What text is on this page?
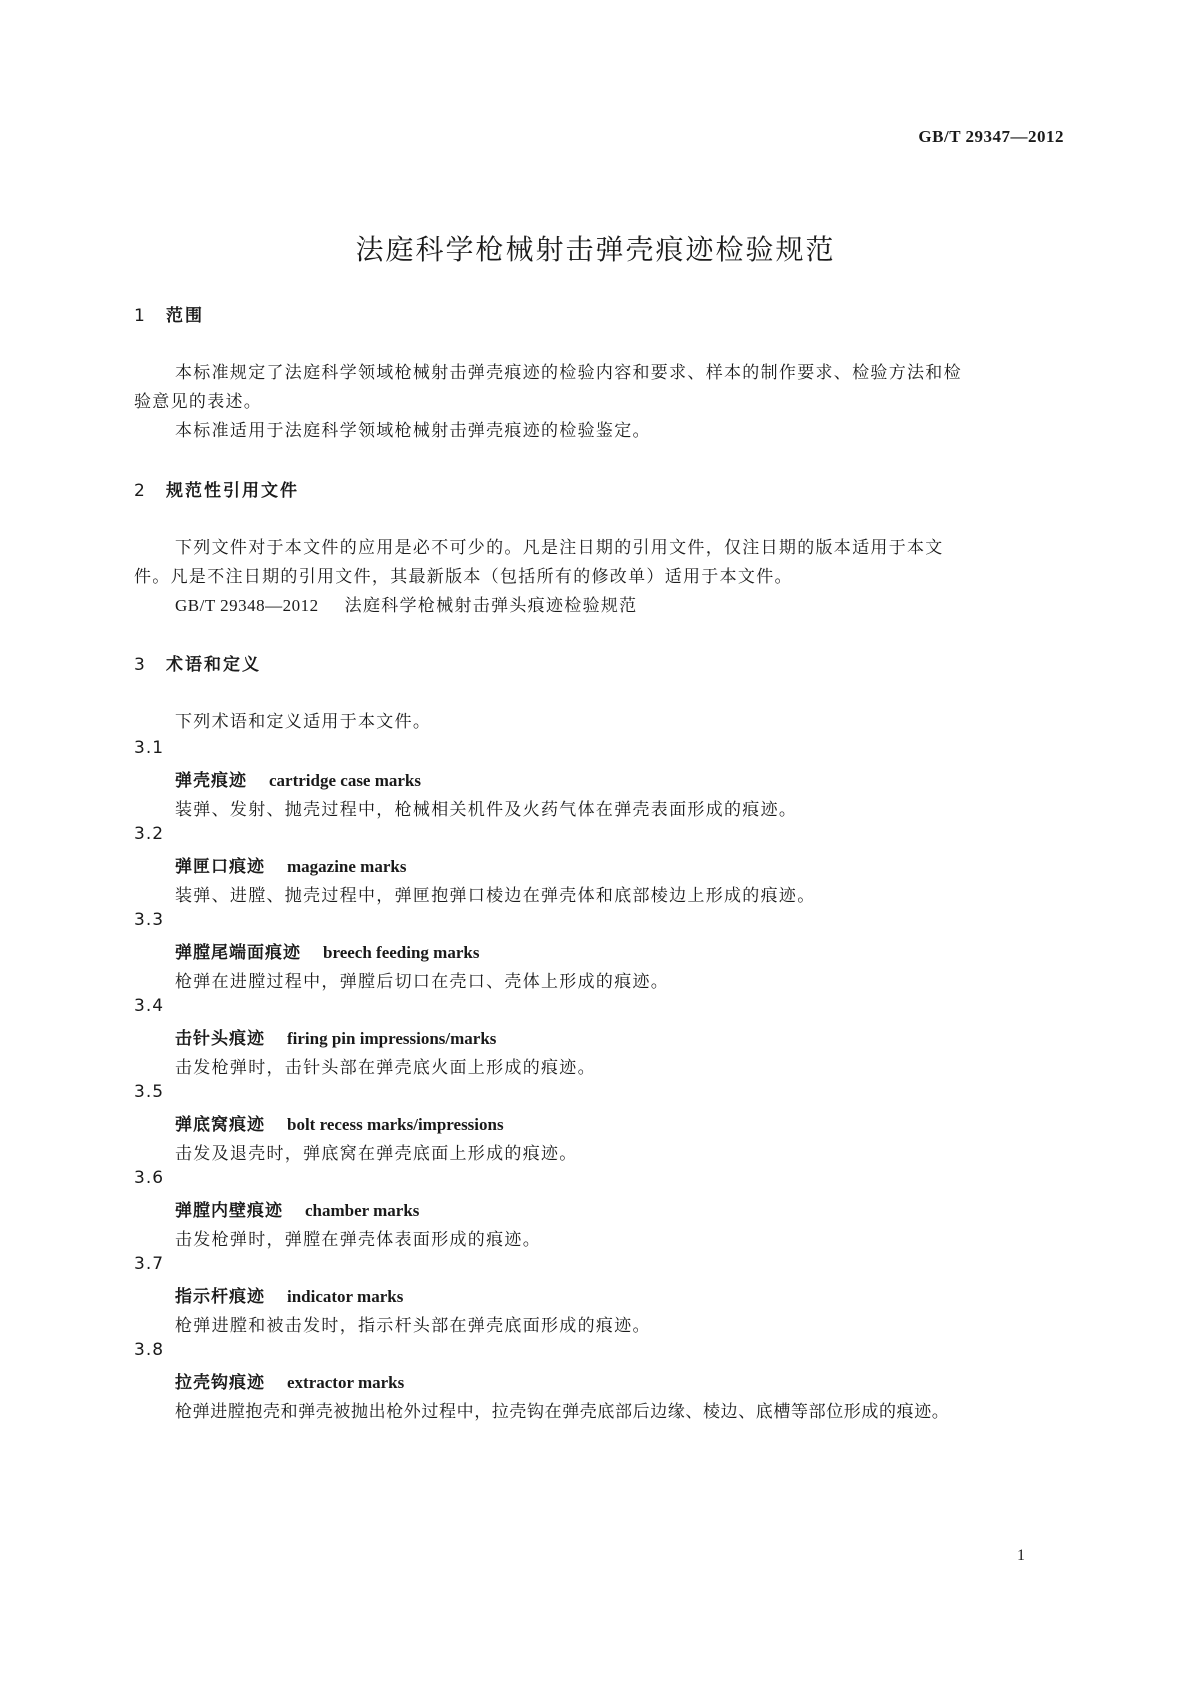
GB/T 29347—2012
法庭科学枪械射击弹壳痕迹检验规范
1 范围
本标准规定了法庭科学领域枪械射击弹壳痕迹的检验内容和要求、样本的制作要求、检验方法和检
验意见的表述。
本标准适用于法庭科学领域枪械射击弹壳痕迹的检验鉴定。
2 规范性引用文件
下列文件对于本文件的应用是必不可少的。凡是注日期的引用文件，仅注日期的版本适用于本文
件。凡是不注日期的引用文件，其最新版本（包括所有的修改单）适用于本文件。
GB/T 29348—2012 法庭科学枪械射击弹头痕迹检验规范
3 术语和定义
下列术语和定义适用于本文件。
3.1
弹壳痕迹 cartridge case marks
装弹、发射、抛壳过程中，枪械相关机件及火药气体在弹壳表面形成的痕迹。
3.2
弹匣口痕迹 magazine marks
装弹、进膛、抛壳过程中，弹匣抱弹口棱边在弹壳体和底部棱边上形成的痕迹。
3.3
弹膛尾端面痕迹 breech feeding marks
枪弹在进膛过程中，弹膛后切口在壳口、壳体上形成的痕迹。
3.4
击针头痕迹 firing pin impressions/marks
击发枪弹时，击针头部在弹壳底火面上形成的痕迹。
3.5
弹底窝痕迹 bolt recess marks/impressions
击发及退壳时，弹底窝在弹壳底面上形成的痕迹。
3.6
弹膛内壁痕迹 chamber marks
击发枪弹时，弹膛在弹壳体表面形成的痕迹。
3.7
指示杆痕迹 indicator marks
枪弹进膛和被击发时，指示杆头部在弹壳底面形成的痕迹。
3.8
拉壳钩痕迹 extractor marks
枪弹进膛抱壳和弹壳被抛出枪外过程中，拉壳钩在弹壳底部后边缘、棱边、底槽等部位形成的痕迹。
1
